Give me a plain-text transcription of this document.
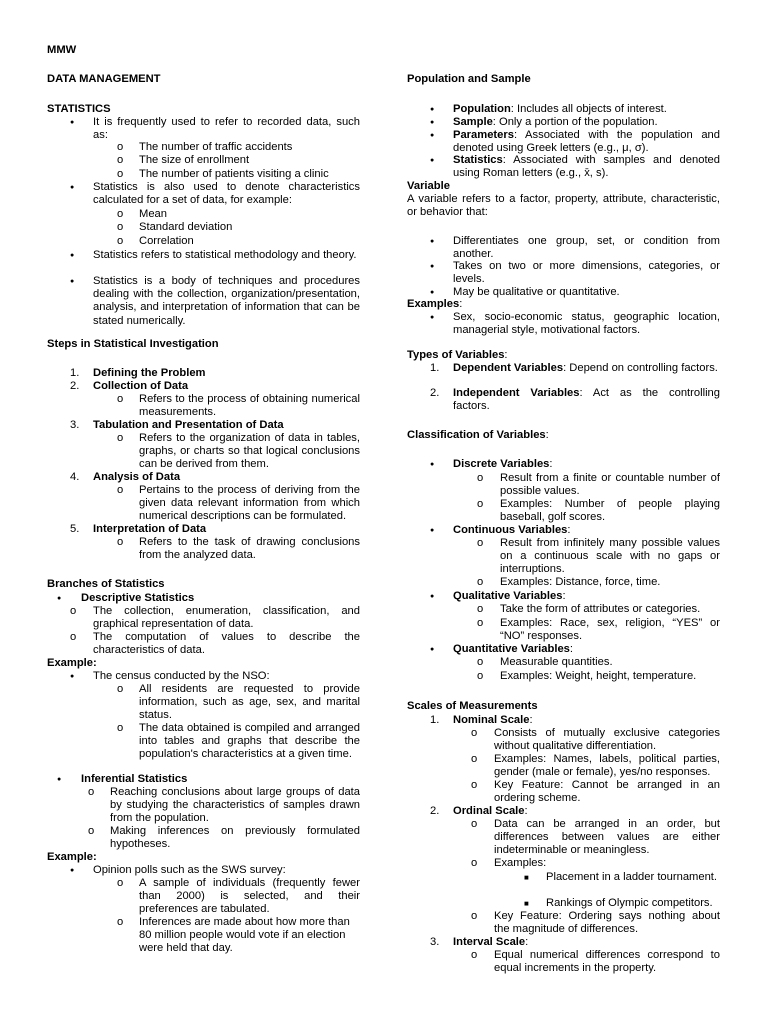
MMW
DATA MANAGEMENT
STATISTICS
● It is frequently used to refer to recorded data, such as:
o The number of traffic accidents
o The size of enrollment
o The number of patients visiting a clinic
● Statistics is also used to denote characteristics calculated for a set of data, for example:
o Mean
o Standard deviation
o Correlation
● Statistics refers to statistical methodology and theory.
● Statistics is a body of techniques and procedures dealing with the collection, organization/presentation, analysis, and interpretation of information that can be stated numerically.
Steps in Statistical Investigation
1. Defining the Problem
2. Collection of Data
o Refers to the process of obtaining numerical measurements.
3. Tabulation and Presentation of Data
o Refers to the organization of data in tables, graphs, or charts so that logical conclusions can be derived from them.
4. Analysis of Data
o Pertains to the process of deriving from the given data relevant information from which numerical descriptions can be formulated.
5. Interpretation of Data
o Refers to the task of drawing conclusions from the analyzed data.
Branches of Statistics
● Descriptive Statistics
o The collection, enumeration, classification, and graphical representation of data.
o The computation of values to describe the characteristics of data.
Example:
● The census conducted by the NSO:
o All residents are requested to provide information, such as age, sex, and marital status.
o The data obtained is compiled and arranged into tables and graphs that describe the population's characteristics at a given time.
● Inferential Statistics
o Reaching conclusions about large groups of data by studying the characteristics of samples drawn from the population.
o Making inferences on previously formulated hypotheses.
Example:
● Opinion polls such as the SWS survey:
o A sample of individuals (frequently fewer than 2000) is selected, and their preferences are tabulated.
o Inferences are made about how more than 80 million people would vote if an election were held that day.
Population and Sample
● Population: Includes all objects of interest.
● Sample: Only a portion of the population.
● Parameters: Associated with the population and denoted using Greek letters (e.g., μ, σ).
● Statistics: Associated with samples and denoted using Roman letters (e.g., x̄, s).
Variable
A variable refers to a factor, property, attribute, characteristic, or behavior that:
● Differentiates one group, set, or condition from another.
● Takes on two or more dimensions, categories, or levels.
● May be qualitative or quantitative.
Examples:
● Sex, socio-economic status, geographic location, managerial style, motivational factors.
Types of Variables:
1. Dependent Variables: Depend on controlling factors.
2. Independent Variables: Act as the controlling factors.
Classification of Variables:
● Discrete Variables:
o Result from a finite or countable number of possible values.
o Examples: Number of people playing baseball, golf scores.
● Continuous Variables:
o Result from infinitely many possible values on a continuous scale with no gaps or interruptions.
o Examples: Distance, force, time.
● Qualitative Variables:
o Take the form of attributes or categories.
o Examples: Race, sex, religion, “YES” or “NO” responses.
● Quantitative Variables:
o Measurable quantities.
o Examples: Weight, height, temperature.
Scales of Measurements
1. Nominal Scale:
o Consists of mutually exclusive categories without qualitative differentiation.
o Examples: Names, labels, political parties, gender (male or female), yes/no responses.
o Key Feature: Cannot be arranged in an ordering scheme.
2. Ordinal Scale:
o Data can be arranged in an order, but differences between values are either indeterminable or meaningless.
o Examples:
■ Placement in a ladder tournament.
■ Rankings of Olympic competitors.
o Key Feature: Ordering says nothing about the magnitude of differences.
3. Interval Scale:
o Equal numerical differences correspond to equal increments in the property.
